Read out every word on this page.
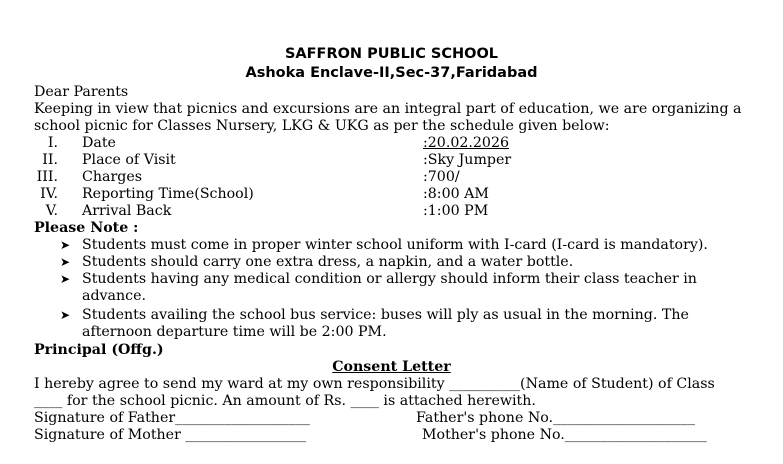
SAFFRON PUBLIC SCHOOL
Ashoka Enclave-II,Sec-37,Faridabad
Dear Parents
Keeping in view that picnics and excursions are an integral part of education, we are organizing a
school picnic for Classes Nursery, LKG & UKG as per the schedule given below:
I. Date	:20.02.2026
II. Place of Visit	:Sky Jumper
III. Charges	:700/
IV. Reporting Time(School)	:8:00 AM
V. Arrival Back	:1:00 PM
Please Note :
➤ Students must come in proper winter school uniform with I-card (I-card is mandatory).
➤ Students should carry one extra dress, a napkin, and a water bottle.
➤ Students having any medical condition or allergy should inform their class teacher in
advance.
➤ Students availing the school bus service: buses will ply as usual in the morning. The
afternoon departure time will be 2:00 PM.
Principal (Offg.)
Consent Letter
I hereby agree to send my ward at my own responsibility __________(Name of Student) of Class
____ for the school picnic. An amount of Rs. ____ is attached herewith.
Signature of Father___________________	Father's phone No.____________________
Signature of Mother _________________	Mother's phone No.____________________
